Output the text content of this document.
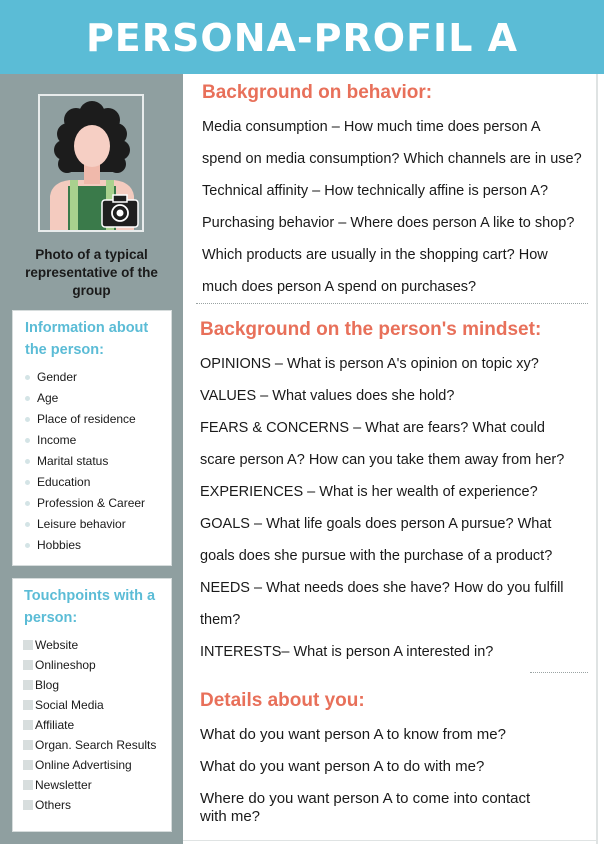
PERSONA-PROFIL A
Photo of a typical representative of the group
Information about the person:
Gender
Age
Place of residence
Income
Marital status
Education
Profession & Career
Leisure behavior
Hobbies
Touchpoints with a person:
Website
Onlineshop
Blog
Social Media
Affiliate
Organ. Search Results
Online Advertising
Newsletter
Others
Background on behavior:
Media consumption – How much time does person A
spend on media consumption? Which channels are in use?
Technical affinity – How technically affine is person A?
Purchasing behavior – Where does person A like to shop?
Which products are usually in the shopping cart? How
much does person A spend on purchases?
Background on the person's mindset:
OPINIONS – What is person A's opinion on topic xy?
VALUES – What values does she hold?
FEARS & CONCERNS – What are fears? What could
scare person A? How can you take them away from her?
EXPERIENCES – What is her wealth of experience?
GOALS – What life goals does person A pursue? What
goals does she pursue with the purchase of a product?
NEEDS – What needs does she have? How do you fulfill
them?
INTERESTS– What is person A interested in?
Details about you:
What do you want person A to know from me?
What do you want person A to do with me?
Where do you want person A to come into contact
with me?
